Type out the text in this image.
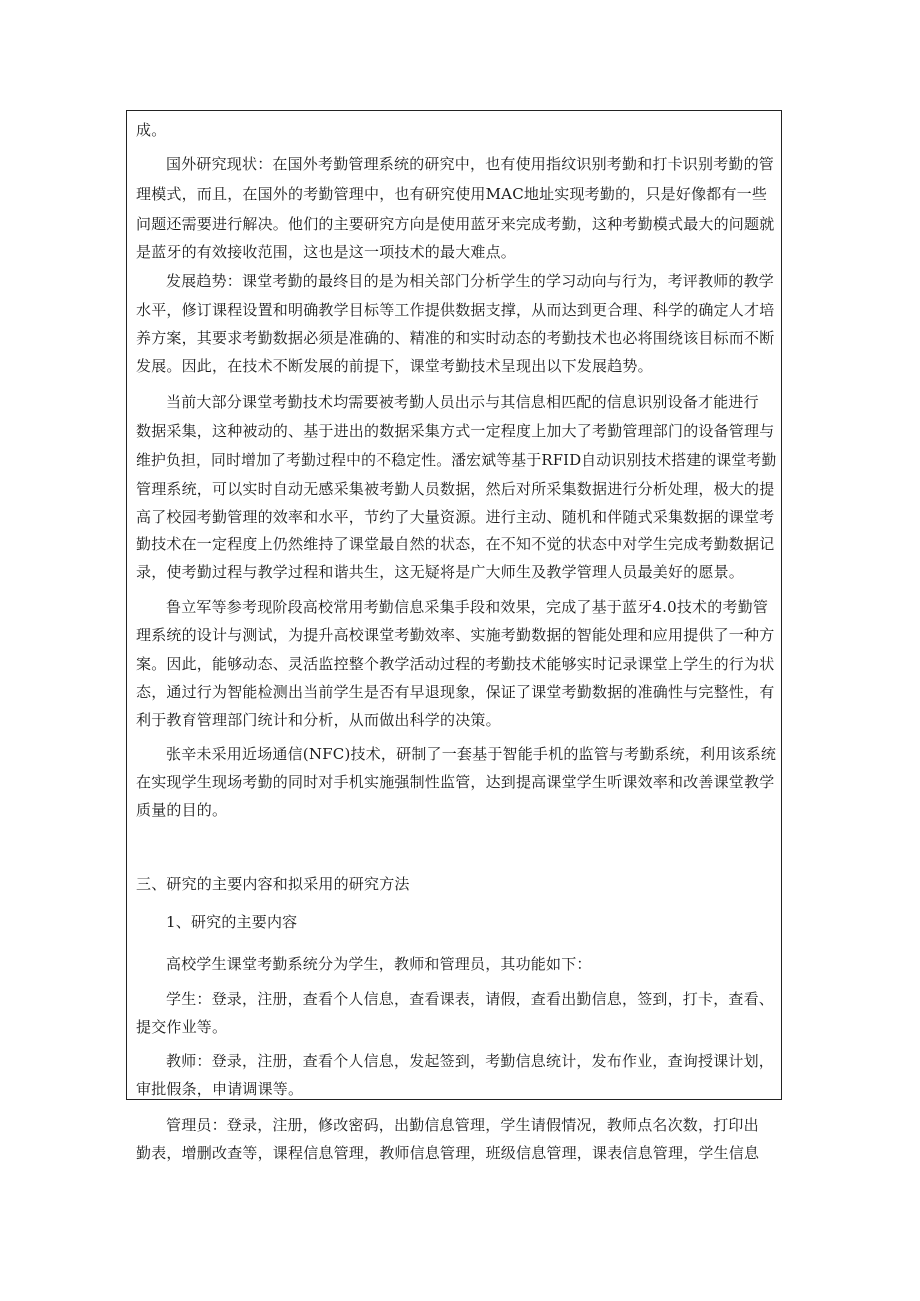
成。
国外研究现状：在国外考勤管理系统的研究中，也有使用指纹识别考勤和打卡识别考勤的管
理模式，而且，在国外的考勤管理中，也有研究使用MAC地址实现考勤的，只是好像都有一些
问题还需要进行解决。他们的主要研究方向是使用蓝牙来完成考勤，这种考勤模式最大的问题就
是蓝牙的有效接收范围，这也是这一项技术的最大难点。
发展趋势：课堂考勤的最终目的是为相关部门分析学生的学习动向与行为，考评教师的教学
水平，修订课程设置和明确教学目标等工作提供数据支撑，从而达到更合理、科学的确定人才培
养方案，其要求考勤数据必须是准确的、精准的和实时动态的考勤技术也必将围绕该目标而不断
发展。因此，在技术不断发展的前提下，课堂考勤技术呈现出以下发展趋势。
当前大部分课堂考勤技术均需要被考勤人员出示与其信息相匹配的信息识别设备才能进行
数据采集，这种被动的、基于进出的数据采集方式一定程度上加大了考勤管理部门的设备管理与
维护负担，同时增加了考勤过程中的不稳定性。潘宏斌等基于RFID自动识别技术搭建的课堂考勤
管理系统，可以实时自动无感采集被考勤人员数据，然后对所采集数据进行分析处理，极大的提
高了校园考勤管理的效率和水平，节约了大量资源。进行主动、随机和伴随式采集数据的课堂考
勤技术在一定程度上仍然维持了课堂最自然的状态，在不知不觉的状态中对学生完成考勤数据记
录，使考勤过程与教学过程和谐共生，这无疑将是广大师生及教学管理人员最美好的愿景。
鲁立军等参考现阶段高校常用考勤信息采集手段和效果，完成了基于蓝牙4.0技术的考勤管
理系统的设计与测试，为提升高校课堂考勤效率、实施考勤数据的智能处理和应用提供了一种方
案。因此，能够动态、灵活监控整个教学活动过程的考勤技术能够实时记录课堂上学生的行为状
态，通过行为智能检测出当前学生是否有早退现象，保证了课堂考勤数据的准确性与完整性，有
利于教育管理部门统计和分析，从而做出科学的决策。
张辛未采用近场通信(NFC)技术，研制了一套基于智能手机的监管与考勤系统，利用该系统
在实现学生现场考勤的同时对手机实施强制性监管，达到提高课堂学生听课效率和改善课堂教学
质量的目的。
三、研究的主要内容和拟采用的研究方法
1、研究的主要内容
高校学生课堂考勤系统分为学生，教师和管理员，其功能如下：
学生：登录，注册，查看个人信息，查看课表，请假，查看出勤信息，签到，打卡，查看、
提交作业等。
教师：登录，注册，查看个人信息，发起签到，考勤信息统计，发布作业，查询授课计划，
审批假条，申请调课等。
管理员：登录，注册，修改密码，出勤信息管理，学生请假情况，教师点名次数，打印出
勤表，增删改查等，课程信息管理，教师信息管理，班级信息管理，课表信息管理，学生信息
